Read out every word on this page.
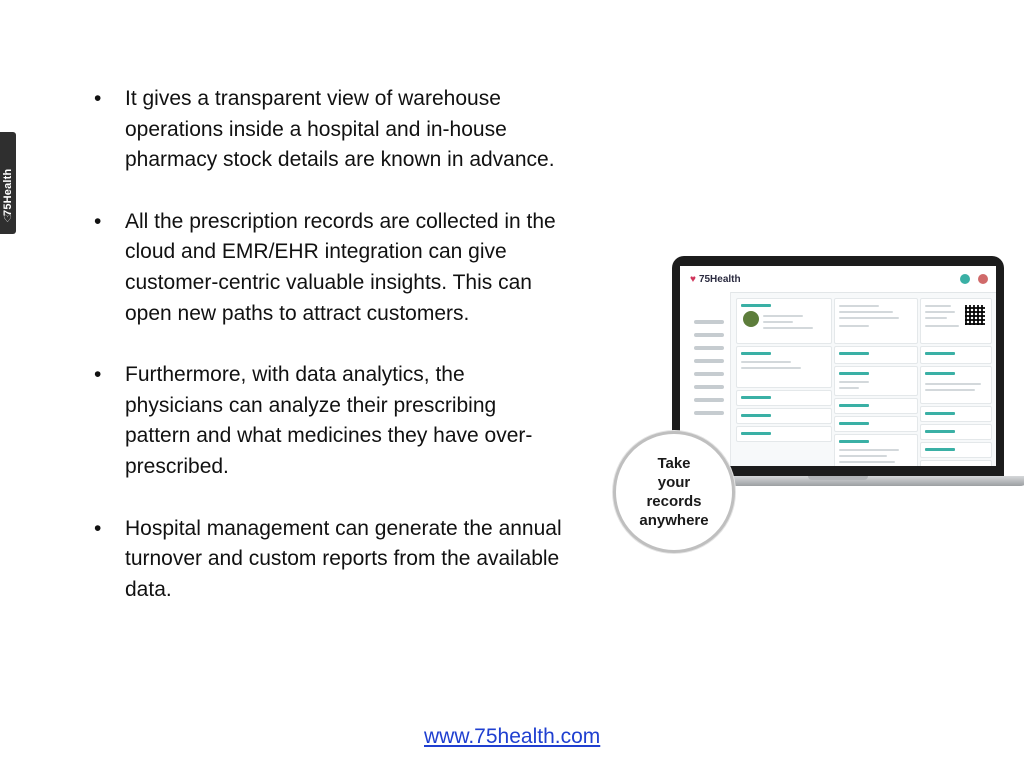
75Health
♡
• It gives a transparent view of warehouse operations inside a hospital and in-house pharmacy stock details are known in advance.
• All the prescription records are collected in the cloud and EMR/EHR integration can give customer-centric valuable insights. This can open new paths to attract customers.
• Furthermore, with data analytics, the physicians can analyze their prescribing pattern and what medicines they have over-prescribed.
• Hospital management can generate the annual turnover and custom reports from the available data.
♥ 75Health
Take
your
records
anywhere
www.75health.com
